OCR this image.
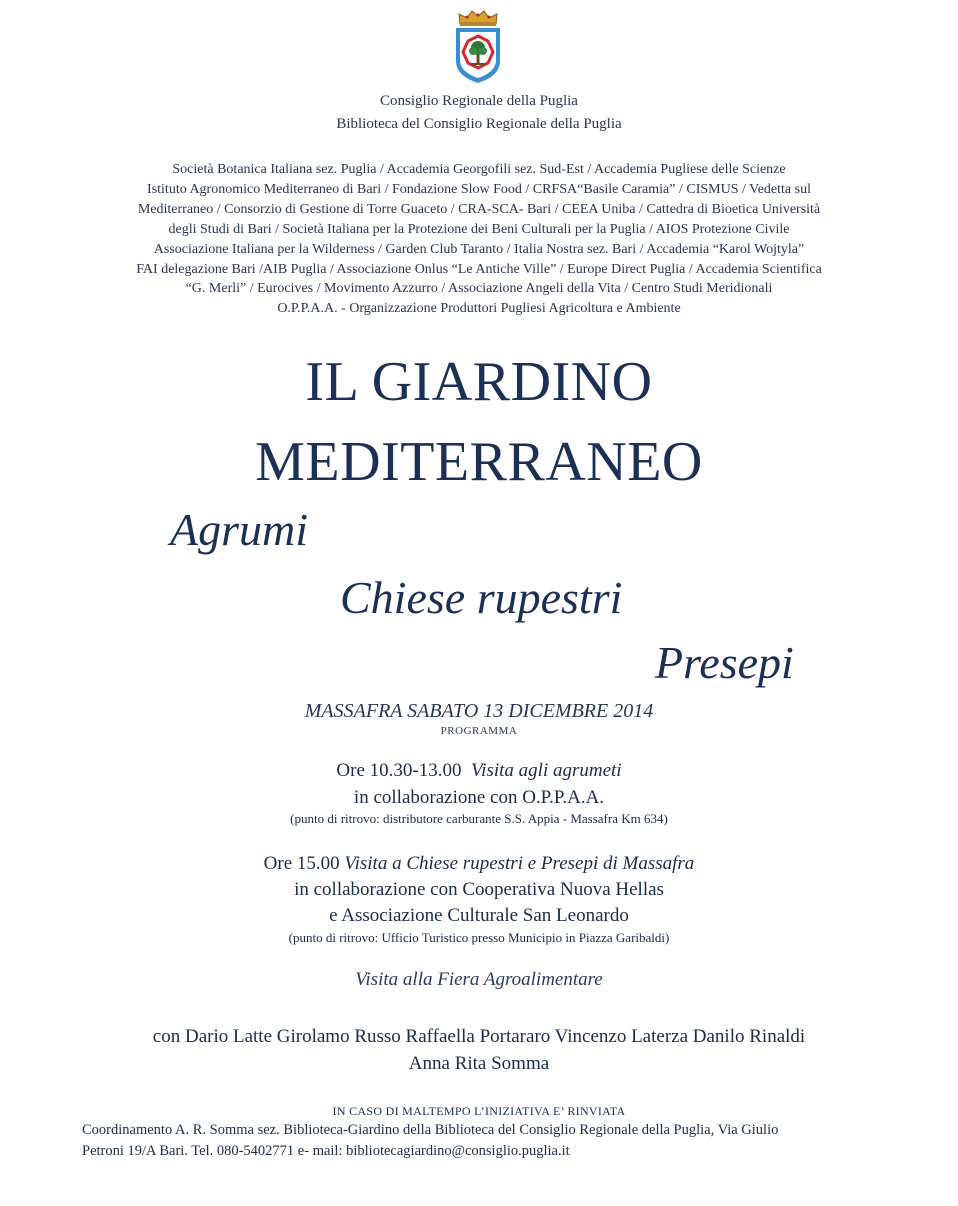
Consiglio Regionale della Puglia
Biblioteca del Consiglio Regionale della Puglia
Società Botanica Italiana sez. Puglia / Accademia Georgofili sez. Sud-Est / Accademia Pugliese delle Scienze
Istituto Agronomico Mediterraneo di Bari / Fondazione Slow Food / CRFSA“Basile Caramia” / CISMUS / Vedetta sul
Mediterraneo / Consorzio di Gestione di Torre Guaceto / CRA-SCA- Bari / CEEA Uniba / Cattedra di Bioetica Università
degli Studi di Bari / Società Italiana per la Protezione dei Beni Culturali per la Puglia / AIOS Protezione Civile
Associazione Italiana per la Wilderness / Garden Club Taranto / Italia Nostra sez. Bari / Accademia “Karol Wojtyla”
FAI delegazione Bari /AIB Puglia / Associazione Onlus “Le Antiche Ville” / Europe Direct Puglia / Accademia Scientifica
“G. Merli” / Eurocives / Movimento Azzurro / Associazione Angeli della Vita / Centro Studi Meridionali
O.P.P.A.A. - Organizzazione Produttori Pugliesi Agricoltura e Ambiente
IL GIARDINO
MEDITERRANEO
Agrumi
Chiese rupestri
Presepi
MASSAFRA SABATO 13 DICEMBRE 2014
PROGRAMMA
Ore 10.30-13.00 Visita agli agrumeti
in collaborazione con O.P.P.A.A.
(punto di ritrovo: distributore carburante S.S. Appia - Massafra Km 634)
Ore 15.00 Visita a Chiese rupestri e Presepi di Massafra
in collaborazione con Cooperativa Nuova Hellas
e Associazione Culturale San Leonardo
(punto di ritrovo: Ufficio Turistico presso Municipio in Piazza Garibaldi)
Visita alla Fiera Agroalimentare
con Dario Latte Girolamo Russo Raffaella Portararo Vincenzo Laterza Danilo Rinaldi
Anna Rita Somma
IN CASO DI MALTEMPO L’INIZIATIVA E’ RINVIATA
Coordinamento A. R. Somma sez. Biblioteca-Giardino della Biblioteca del Consiglio Regionale della Puglia, Via Giulio
Petroni 19/A Bari. Tel. 080-5402771 e- mail: bibliotecagiardino@consiglio.puglia.it
